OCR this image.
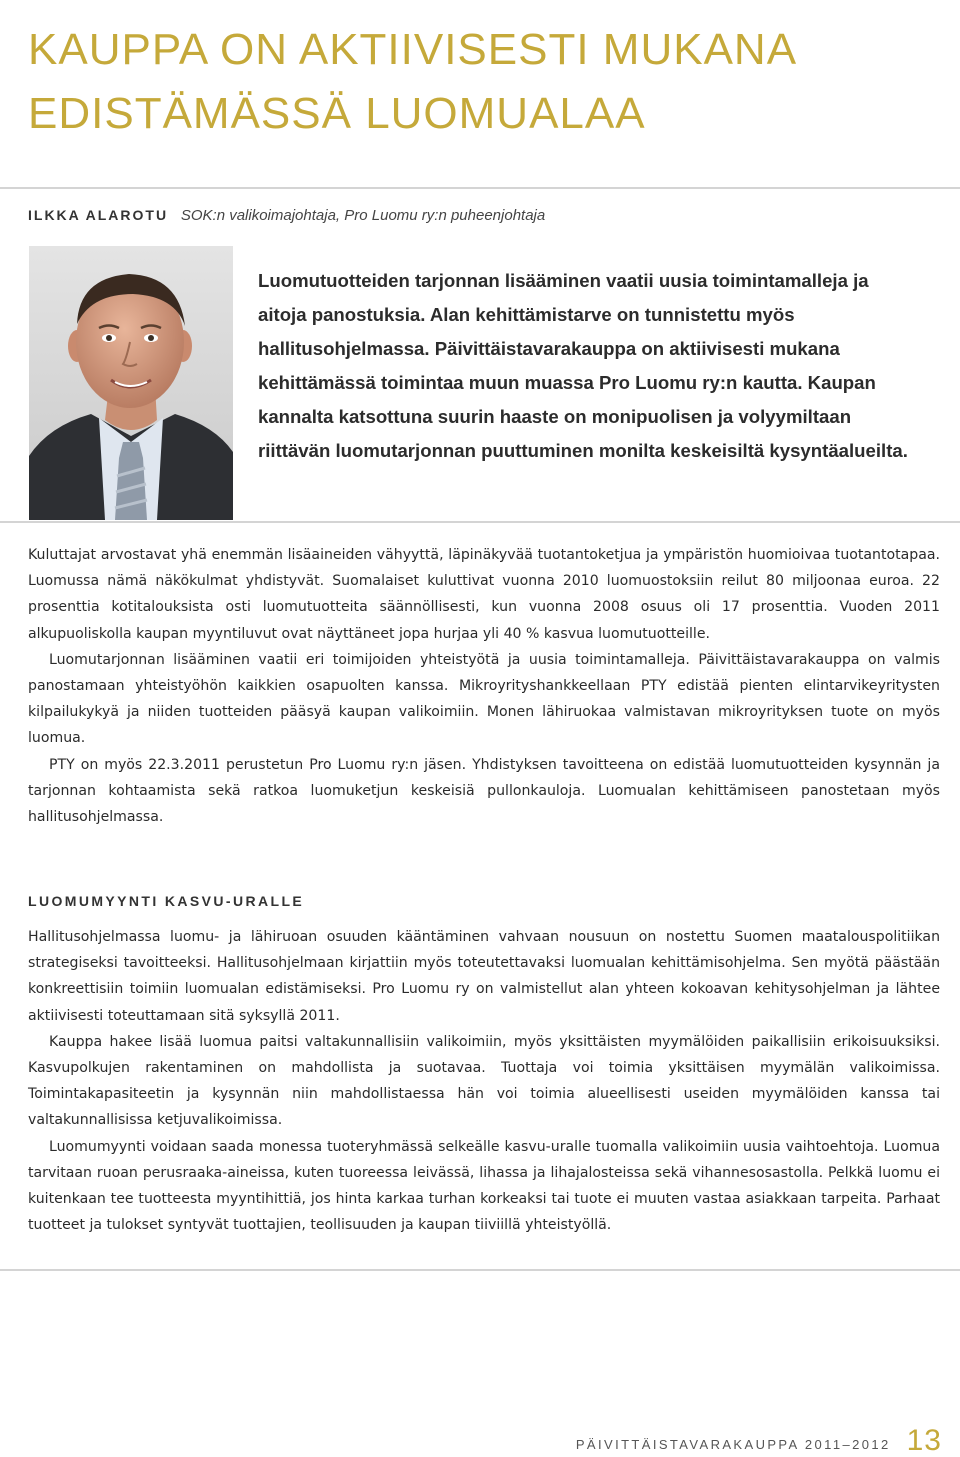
KAUPPA ON AKTIIVISESTI MUKANA
EDISTÄMÄSSÄ LUOMUALAA
ILKKA ALAROTU SOK:n valikoimajohtaja, Pro Luomu ry:n puheenjohtaja

Luomutuotteiden tarjonnan lisääminen vaatii uusia toimintamalleja ja aitoja panostuksia. Alan kehittämistarve on tunnistettu myös hallitusohjelmassa. Päivittäistavarakauppa on aktiivisesti mukana kehittämässä toimintaa muun muassa Pro Luomu ry:n kautta. Kaupan kannalta katsottuna suurin haaste on monipuolisen ja volyymiltaan riittävän luomutarjonnan puuttuminen monilta keskeisiltä kysyntäalueilta.

Kuluttajat arvostavat yhä enemmän lisäaineiden vähyyttä, läpinäkyvää tuotantoketjua ja ympäristön huomioivaa tuotantotapaa. Luomussa nämä näkökulmat yhdistyvät. Suomalaiset kuluttivat vuonna 2010 luomuostoksiin reilut 80 miljoonaa euroa. 22 prosenttia kotitalouksista osti luomutuotteita säännöllisesti, kun vuonna 2008 osuus oli 17 prosenttia. Vuoden 2011 alkupuoliskolla kaupan myyntiluvut ovat näyttäneet jopa hurjaa yli 40 % kasvua luomutuotteille.

Luomutarjonnan lisääminen vaatii eri toimijoiden yhteistyötä ja uusia toimintamalleja. Päivittäistavarakauppa on valmis panostamaan yhteistyöhön kaikkien osapuolten kanssa. Mikroyrityshankkeellaan PTY edistää pienten elintarvikeyritysten kilpailukykyä ja niiden tuotteiden pääsyä kaupan valikoimiin. Monen lähiruokaa valmistavan mikroyrityksen tuote on myös luomua.

PTY on myös 22.3.2011 perustetun Pro Luomu ry:n jäsen. Yhdistyksen tavoitteena on edistää luomutuotteiden kysynnän ja tarjonnan kohtaamista sekä ratkoa luomuketjun keskeisiä pullonkauloja. Luomualan kehittämiseen panostetaan myös hallitusohjelmassa.

LUOMUMYYNTI KASVU-URALLE

Hallitusohjelmassa luomu- ja lähiruoan osuuden kääntäminen vahvaan nousuun on nostettu Suomen maatalouspolitiikan strategiseksi tavoitteeksi. Hallitusohjelmaan kirjattiin myös toteutettavaksi luomualan kehittämisohjelma. Sen myötä päästään konkreettisiin toimiin luomualan edistämiseksi. Pro Luomu ry on valmistellut alan yhteen kokoavan kehitysohjelman ja lähtee aktiivisesti toteuttamaan sitä syksyllä 2011.

Kauppa hakee lisää luomua paitsi valtakunnallisiin valikoimiin, myös yksittäisten myymälöiden paikallisiin erikoisuuksiksi. Kasvupolkujen rakentaminen on mahdollista ja suotavaa. Tuottaja voi toimia yksittäisen myymälän valikoimissa. Toimintakapasiteetin ja kysynnän niin mahdollistaessa hän voi toimia alueellisesti useiden myymälöiden kanssa tai valtakunnallisissa ketjuvalikoimissa.

Luomumyynti voidaan saada monessa tuoteryhmässä selkeälle kasvu-uralle tuomalla valikoimiin uusia vaihtoehtoja. Luomua tarvitaan ruoan perusraaka-aineissa, kuten tuoreessa leivässä, lihassa ja lihajalosteissa sekä vihannesosastolla. Pelkkä luomu ei kuitenkaan tee tuotteesta myyntihittiä, jos hinta karkaa turhan korkeaksi tai tuote ei muuten vastaa asiakkaan tarpeita. Parhaat tuotteet ja tulokset syntyvät tuottajien, teollisuuden ja kaupan tiiviillä yhteistyöllä.

PÄIVITTÄISTAVARAKAUPPA 2011–2012 13
